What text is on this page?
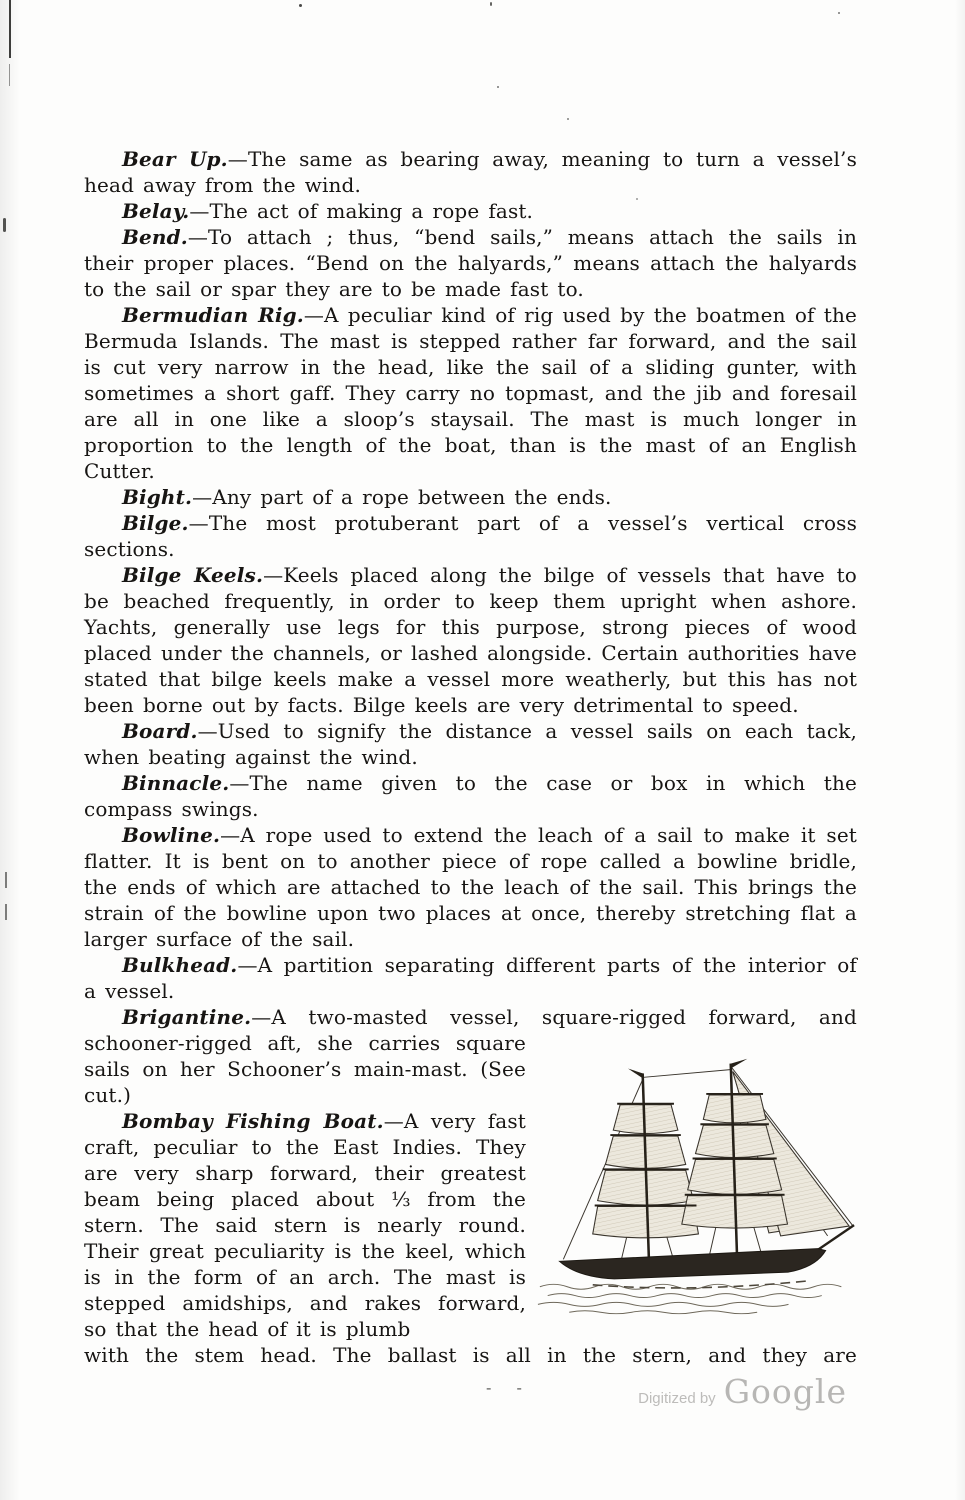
Bear Up.—The same as bearing away, meaning to turn a vessel’s head away from the wind.

Belay.—The act of making a rope fast.

Bend.—To attach ; thus, “bend sails,” means attach the sails in their proper places. “Bend on the halyards,” means attach the halyards to the sail or spar they are to be made fast to.

Bermudian Rig.—A peculiar kind of rig used by the boatmen of the Bermuda Islands. The mast is stepped rather far forward, and the sail is cut very narrow in the head, like the sail of a sliding gunter, with sometimes a short gaff. They carry no topmast, and the jib and foresail are all in one like a sloop’s staysail. The mast is much longer in proportion to the length of the boat, than is the mast of an English Cutter.

Bight.—Any part of a rope between the ends.

Bilge.—The most protuberant part of a vessel’s vertical cross sections.

Bilge Keels.—Keels placed along the bilge of vessels that have to be beached frequently, in order to keep them upright when ashore. Yachts, generally use legs for this purpose, strong pieces of wood placed under the channels, or lashed alongside. Certain authorities have stated that bilge keels make a vessel more weatherly, but this has not been borne out by facts. Bilge keels are very detrimental to speed.

Board.—Used to signify the distance a vessel sails on each tack, when beating against the wind.

Binnacle.—The name given to the case or box in which the compass swings.

Bowline.—A rope used to extend the leach of a sail to make it set flatter. It is bent on to another piece of rope called a bowline bridle, the ends of which are attached to the leach of the sail. This brings the strain of the bowline upon two places at once, thereby stretching flat a larger surface of the sail.

Bulkhead.—A partition separating different parts of the interior of a vessel.

Brigantine.—A two-masted vessel, square-rigged forward, and

schooner-rigged aft, she carries square sails on her Schooner’s main-mast. (See cut.)

Bombay Fishing Boat.—A very fast craft, peculiar to the East Indies. They are very sharp forward, their greatest beam being placed about ⅓ from the stern. The said stern is nearly round. Their great peculiarity is the keel, which is in the form of an arch. The mast is stepped amidships, and rakes forward, so that the head of it is plumb

with the stem head. The ballast is all in the stern, and they are

- -
Digitized by Google
